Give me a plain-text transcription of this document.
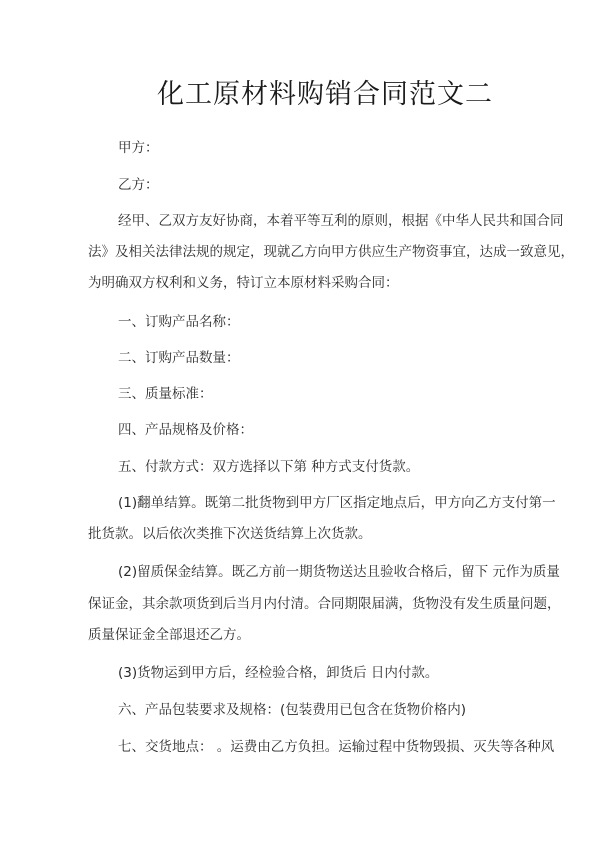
化工原材料购销合同范文二
甲方：
乙方：
经甲、乙双方友好协商，本着平等互利的原则，根据《中华人民共和国合同
法》及相关法律法规的规定，现就乙方向甲方供应生产物资事宜，达成一致意见，
为明确双方权利和义务，特订立本原材料采购合同：
一、订购产品名称：
二、订购产品数量：
三、质量标准：
四、产品规格及价格：
五、付款方式：双方选择以下第 种方式支付货款。
(1)翻单结算。既第二批货物到甲方厂区指定地点后，甲方向乙方支付第一
批货款。以后依次类推下次送货结算上次货款。
(2)留质保金结算。既乙方前一期货物送达且验收合格后，留下 元作为质量
保证金，其余款项货到后当月内付清。合同期限届满，货物没有发生质量问题，
质量保证金全部退还乙方。
(3)货物运到甲方后，经检验合格，卸货后 日内付款。
六、产品包装要求及规格：(包装费用已包含在货物价格内)
七、交货地点： 。运费由乙方负担。运输过程中货物毁损、灭失等各种风
